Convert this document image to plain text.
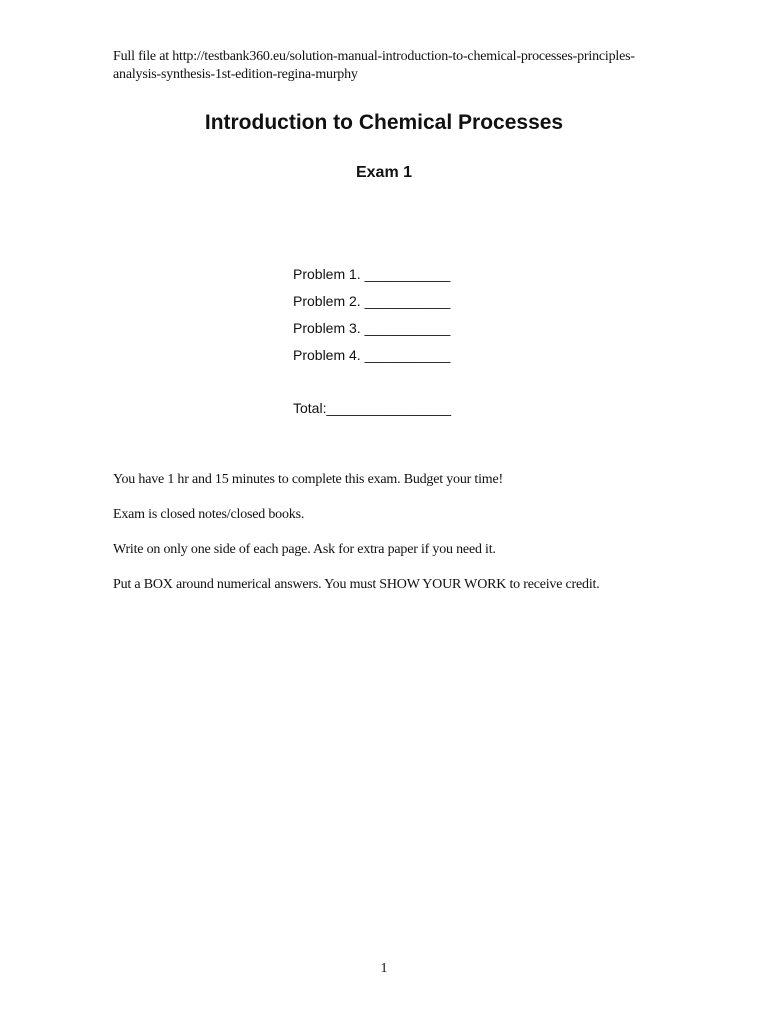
Full file at http://testbank360.eu/solution-manual-introduction-to-chemical-processes-principles-analysis-synthesis-1st-edition-regina-murphy
Introduction to Chemical Processes
Exam 1
Problem 1. ___________
Problem 2. ___________
Problem 3. ___________
Problem 4. ___________
Total:________________

You have 1 hr and 15 minutes to complete this exam. Budget your time!

Exam is closed notes/closed books.

Write on only one side of each page. Ask for extra paper if you need it.

Put a BOX around numerical answers. You must SHOW YOUR WORK to receive credit.

1
